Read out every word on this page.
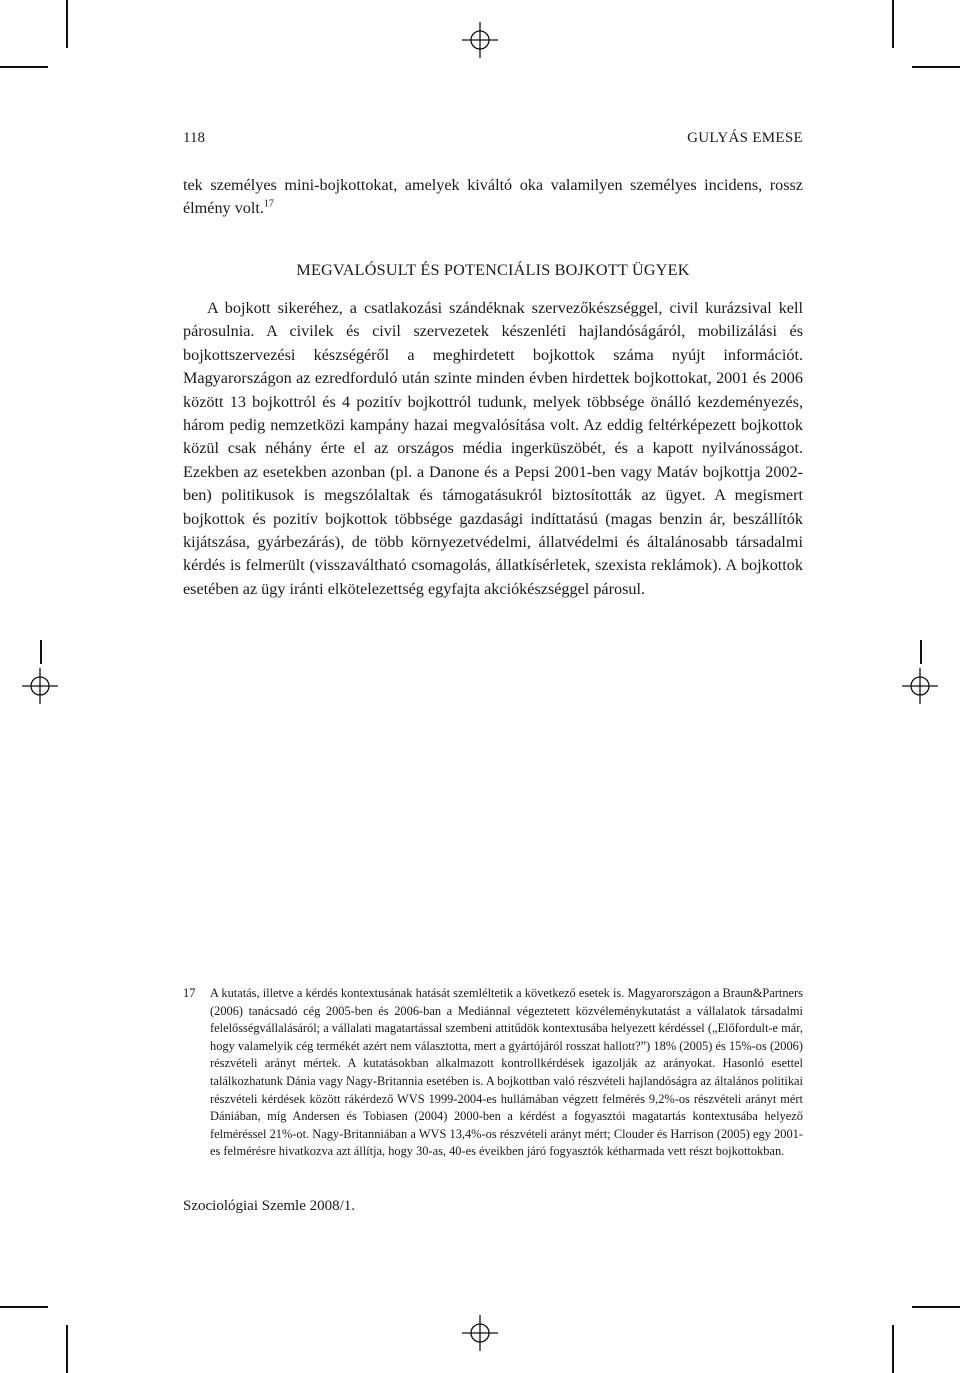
118	GULYÁS EMESE

tek személyes mini-bojkottokat, amelyek kiváltó oka valamilyen személyes incidens, rossz élmény volt.$^{17}$

MEGVALÓSULT ÉS POTENCIÁLIS BOJKOTT ÜGYEK

A bojkott sikeréhez, a csatlakozási szándéknak szervezőkészséggel, civil kurázsival kell párosulnia. A civilek és civil szervezetek készenléti hajlandóságáról, mobilizálási és bojkottszervezési készségéről a meghirdetett bojkottok száma nyújt információt. Magyarországon az ezredforduló után szinte minden évben hirdettek bojkottokat, 2001 és 2006 között 13 bojkottról és 4 pozitív bojkottról tudunk, melyek többsége önálló kezdeményezés, három pedig nemzetközi kampány hazai megvalósítása volt. Az eddig feltérképezett bojkottok közül csak néhány érte el az országos média ingerküszöbét, és a kapott nyilvánosságot. Ezekben az esetekben azonban (pl. a Danone és a Pepsi 2001-ben vagy Matáv bojkottja 2002-ben) politikusok is megszólaltak és támogatásukról biztosították az ügyet. A megismert bojkottok és pozitív bojkottok többsége gazdasági indíttatású (magas benzin ár, beszállítók kijátszása, gyárbezárás), de több környezetvédelmi, állatvédelmi és általánosabb társadalmi kérdés is felmerült (visszaváltható csomagolás, állatkísérletek, szexista reklámok). A bojkottok esetében az ügy iránti elkötelezettség egyfajta akciókészséggel párosul.

17 A kutatás, illetve a kérdés kontextusának hatását szemléltetik a következő esetek is. Magyarországon a Braun&Partners (2006) tanácsadó cég 2005-ben és 2006-ban a Mediánnal végeztetett közvéleménykutatást a vállalatok társadalmi felelősségvállalásáról; a vállalati magatartással szembeni attitűdök kontextusába helyezett kérdéssel („Előfordult-e már, hogy valamelyik cég termékét azért nem választotta, mert a gyártójáról rosszat hallott?”) 18% (2005) és 15%-os (2006) részvételi arányt mértek. A kutatásokban alkalmazott kontrollkérdések igazolják az arányokat. Hasonló esettel találkozhatunk Dánia vagy Nagy-Britannia esetében is. A bojkottban való részvételi hajlandóságra az általános politikai részvételi kérdések között rákérdező WVS 1999-2004-es hullámában végzett felmérés 9,2%-os részvételi arányt mért Dániában, míg Andersen és Tobiasen (2004) 2000-ben a kérdést a fogyasztói magatartás kontextusába helyező felméréssel 21%-ot. Nagy-Britanniában a WVS 13,4%-os részvételi arányt mért; Clouder és Harrison (2005) egy 2001-es felmérésre hivatkozva azt állítja, hogy 30-as, 40-es éveikben járó fogyasztók kétharmada vett részt bojkottokban.

Szociológiai Szemle 2008/1.
